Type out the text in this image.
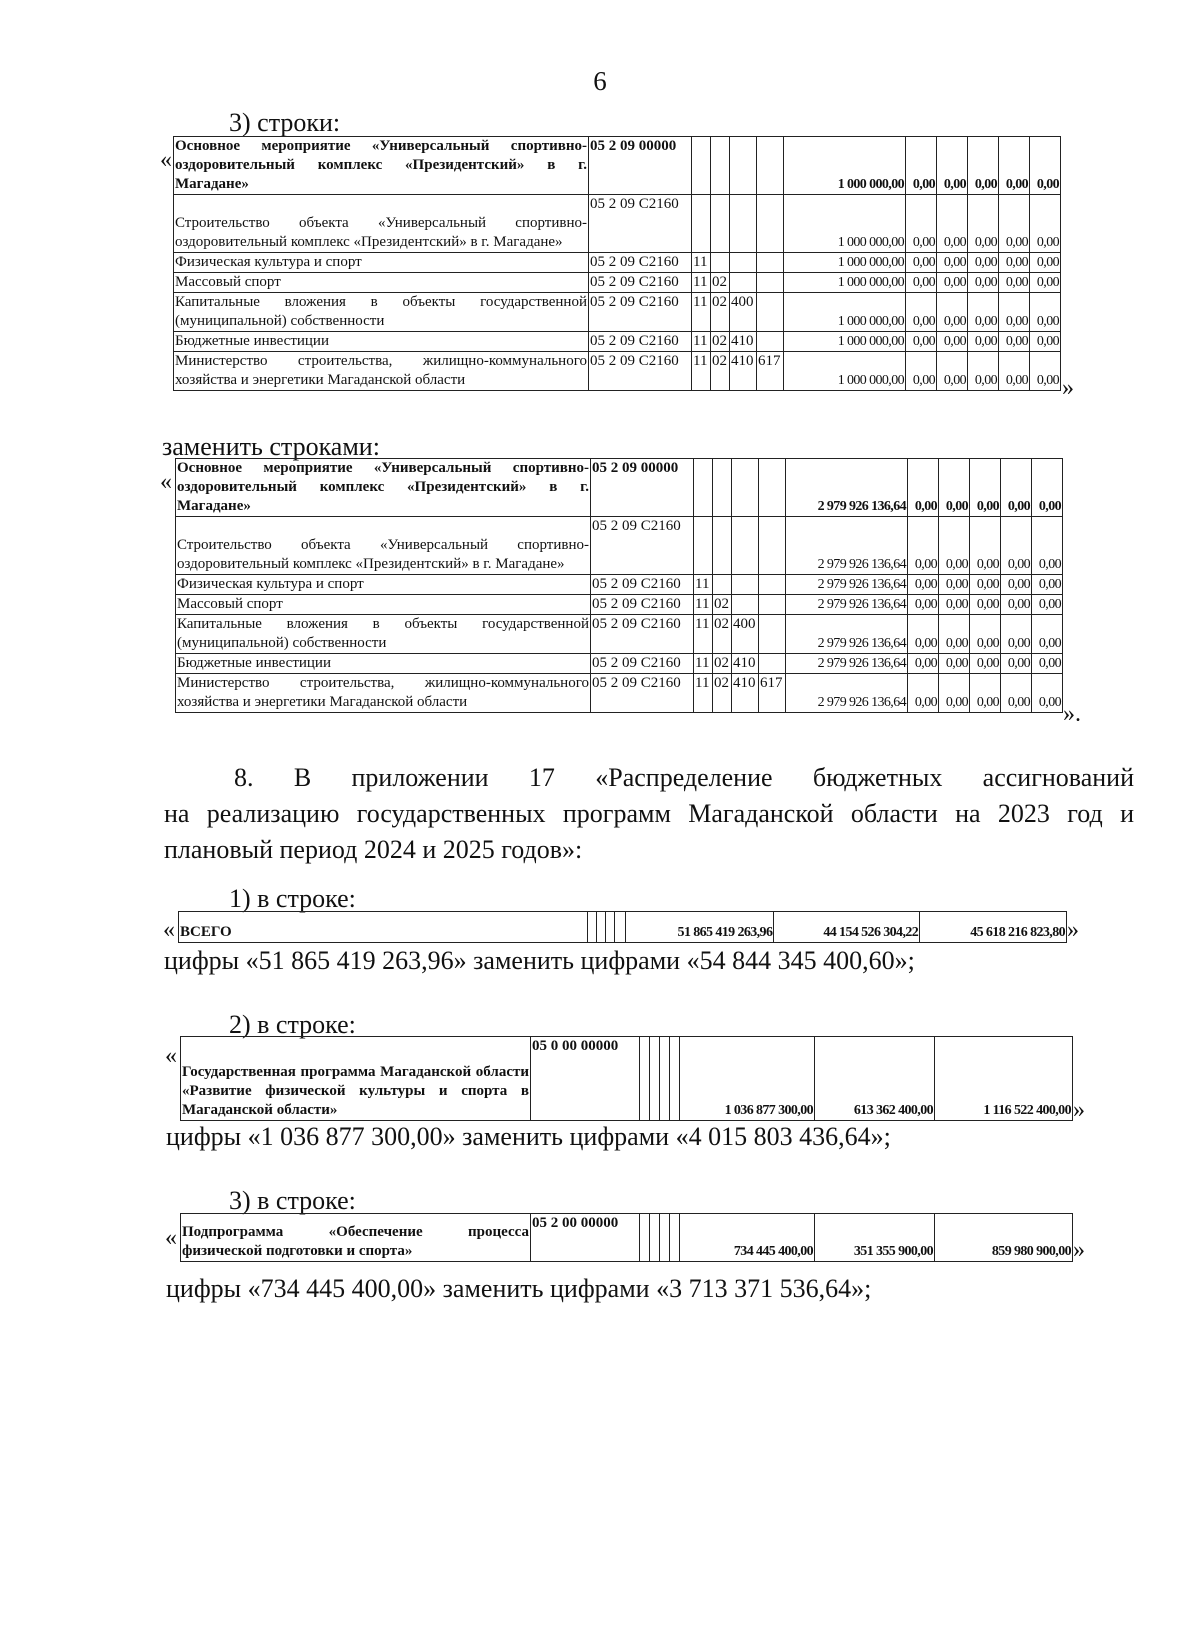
6
3) строки:
«
Основное мероприятие «Универсальный спортивно-оздоровительный комплекс «Президентский» в г. Магадане»	05 2 09 00000					1 000 000,00	0,00	0,00	0,00	0,00	0,00
Строительство объекта «Универсальный спортивно-оздоровительный комплекс «Президентский» в г. Магадане»	05 2 09 С2160					1 000 000,00	0,00	0,00	0,00	0,00	0,00
Физическая культура и спорт	05 2 09 С2160	11				1 000 000,00	0,00	0,00	0,00	0,00	0,00
Массовый спорт	05 2 09 С2160	11	02			1 000 000,00	0,00	0,00	0,00	0,00	0,00
Капитальные вложения в объекты государственной (муниципальной) собственности	05 2 09 С2160	11	02	400		1 000 000,00	0,00	0,00	0,00	0,00	0,00
Бюджетные инвестиции	05 2 09 С2160	11	02	410		1 000 000,00	0,00	0,00	0,00	0,00	0,00
Министерство строительства, жилищно-коммунального хозяйства и энергетики Магаданской области	05 2 09 С2160	11	02	410	617	1 000 000,00	0,00	0,00	0,00	0,00	0,00 »
заменить строками:
«
Основное мероприятие «Универсальный спортивно-оздоровительный комплекс «Президентский» в г. Магадане»	05 2 09 00000					2 979 926 136,64	0,00	0,00	0,00	0,00	0,00
Строительство объекта «Универсальный спортивно-оздоровительный комплекс «Президентский» в г. Магадане»	05 2 09 С2160					2 979 926 136,64	0,00	0,00	0,00	0,00	0,00
Физическая культура и спорт	05 2 09 С2160	11				2 979 926 136,64	0,00	0,00	0,00	0,00	0,00
Массовый спорт	05 2 09 С2160	11	02			2 979 926 136,64	0,00	0,00	0,00	0,00	0,00
Капитальные вложения в объекты государственной (муниципальной) собственности	05 2 09 С2160	11	02	400		2 979 926 136,64	0,00	0,00	0,00	0,00	0,00
Бюджетные инвестиции	05 2 09 С2160	11	02	410		2 979 926 136,64	0,00	0,00	0,00	0,00	0,00
Министерство строительства, жилищно-коммунального хозяйства и энергетики Магаданской области	05 2 09 С2160	11	02	410	617	2 979 926 136,64	0,00	0,00	0,00	0,00	0,00 ».
8. В приложении 17 «Распределение бюджетных ассигнований
на реализацию государственных программ Магаданской области на 2023 год и плановый период 2024 и 2025 годов»:
1) в строке:
« ВСЕГО					51 865 419 263,96	44 154 526 304,22	45 618 216 823,80 »
цифры «51 865 419 263,96» заменить цифрами «54 844 345 400,60»;
2) в строке:
«
Государственная программа Магаданской области «Развитие физической культуры и спорта в Магаданской области»	05 0 00 00000					1 036 877 300,00	613 362 400,00	1 116 522 400,00 »
цифры «1 036 877 300,00» заменить цифрами «4 015 803 436,64»;
3) в строке:
« Подпрограмма «Обеспечение процесса физической подготовки и спорта»	05 2 00 00000					734 445 400,00	351 355 900,00	859 980 900,00 »
цифры «734 445 400,00» заменить цифрами «3 713 371 536,64»;
